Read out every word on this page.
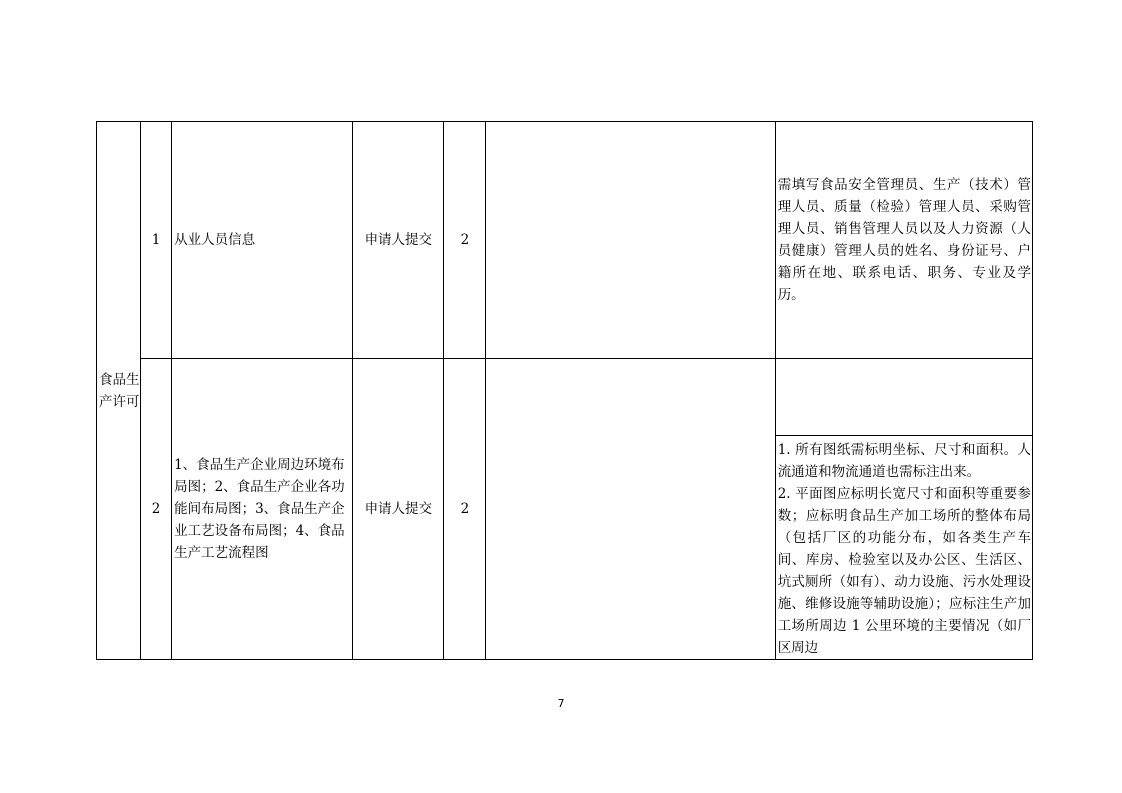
食品生产许可	1	从业人员信息	申请人提交	2		需填写食品安全管理员、生产（技术）管理人员、质量（检验）管理人员、采购管理人员、销售管理人员以及人力资源（人员健康）管理人员的姓名、身份证号、户籍所在地、联系电话、职务、专业及学历。

	2	1、食品生产企业周边环境布局图；2、食品生产企业各功能间布局图；3、食品生产企业工艺设备布局图；4、食品生产工艺流程图	申请人提交	2		1. 所有图纸需标明坐标、尺寸和面积。人流通道和物流通道也需标注出来。
2. 平面图应标明长宽尺寸和面积等重要参数；应标明食品生产加工场所的整体布局（包括厂区的功能分布，如各类生产车间、库房、检验室以及办公区、生活区、坑式厕所（如有）、动力设施、污水处理设施、维修设施等辅助设施）；应标注生产加工场所周边 1 公里环境的主要情况（如厂区周边
7
